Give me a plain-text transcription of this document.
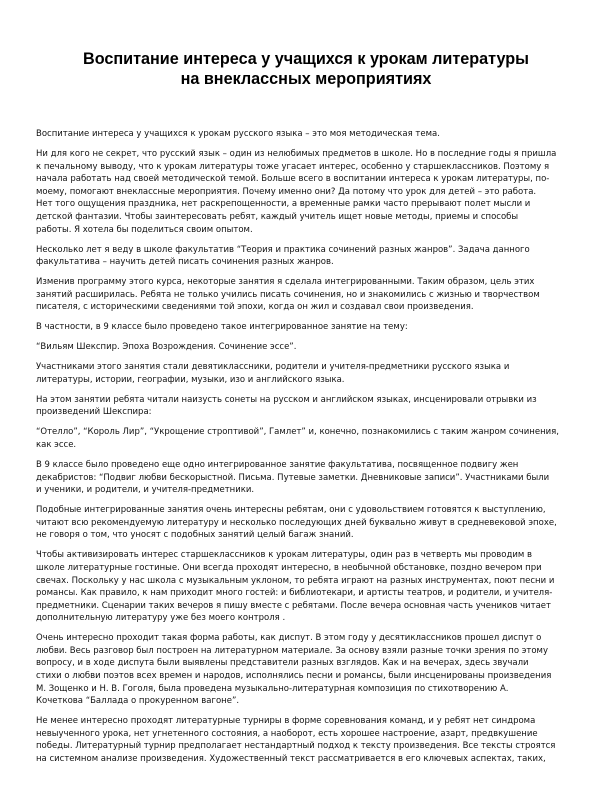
Воспитание интереса у учащихся к урокам литературы
на внеклассных мероприятиях

Воспитание интереса у учащихся к урокам русского языка – это моя методическая тема.

Ни для кого не секрет, что русский язык – один из нелюбимых предметов в школе. Но в последние годы я пришла
к печальному выводу, что к урокам литературы тоже угасает интерес, особенно у старшеклассников. Поэтому я
начала работать над своей методической темой. Больше всего в воспитании интереса к урокам литературы, по-
моему, помогают внеклассные мероприятия. Почему именно они? Да потому что урок для детей – это работа.
Нет того ощущения праздника, нет раскрепощенности, а временные рамки часто прерывают полет мысли и
детской фантазии. Чтобы заинтересовать ребят, каждый учитель ищет новые методы, приемы и способы
работы. Я хотела бы поделиться своим опытом.

Несколько лет я веду в школе факультатив “Теория и практика сочинений разных жанров”. Задача данного
факультатива – научить детей писать сочинения разных жанров.

Изменив программу этого курса, некоторые занятия я сделала интегрированными. Таким образом, цель этих
занятий расширилась. Ребята не только учились писать сочинения, но и знакомились с жизнью и творчеством
писателя, с историческими сведениями той эпохи, когда он жил и создавал свои произведения.

В частности, в 9 классе было проведено такое интегрированное занятие на тему:

“Вильям Шекспир. Эпоха Возрождения. Сочинение эссе”.

Участниками этого занятия стали девятиклассники, родители и учителя-предметники русского языка и
литературы, истории, географии, музыки, изо и английского языка.

На этом занятии ребята читали наизусть сонеты на русском и английском языках, инсценировали отрывки из
произведений Шекспира:

“Отелло”, “Король Лир”, “Укрощение строптивой”, Гамлет” и, конечно, познакомились с таким жанром сочинения,
как эссе.

В 9 классе было проведено еще одно интегрированное занятие факультатива, посвященное подвигу жен
декабристов: “Подвиг любви бескорыстной. Письма. Путевые заметки. Дневниковые записи”. Участниками были
и ученики, и родители, и учителя-предметники.

Подобные интегрированные занятия очень интересны ребятам, они с удовольствием готовятся к выступлению,
читают всю рекомендуемую литературу и несколько последующих дней буквально живут в средневековой эпохе,
не говоря о том, что уносят с подобных занятий целый багаж знаний.

Чтобы активизировать интерес старшеклассников к урокам литературы, один раз в четверть мы проводим в
школе литературные гостиные. Они всегда проходят интересно, в необычной обстановке, поздно вечером при
свечах. Поскольку у нас школа с музыкальным уклоном, то ребята играют на разных инструментах, поют песни и
романсы. Как правило, к нам приходит много гостей: и библиотекари, и артисты театров, и родители, и учителя-
предметники. Сценарии таких вечеров я пишу вместе с ребятами. После вечера основная часть учеников читает
дополнительную литературу уже без моего контроля .

Очень интересно проходит такая форма работы, как диспут. В этом году у десятиклассников прошел диспут о
любви. Весь разговор был построен на литературном материале. За основу взяли разные точки зрения по этому
вопросу, и в ходе диспута были выявлены представители разных взглядов. Как и на вечерах, здесь звучали
стихи о любви поэтов всех времен и народов, исполнялись песни и романсы, были инсценированы произведения
М. Зощенко и Н. В. Гоголя, была проведена музыкально-литературная композиция по стихотворению А.
Кочеткова “Баллада о прокуренном вагоне”.

Не менее интересно проходят литературные турниры в форме соревнования команд, и у ребят нет синдрома
невыученного урока, нет угнетенного состояния, а наоборот, есть хорошее настроение, азарт, предвкушение
победы. Литературный турнир предполагает нестандартный подход к тексту произведения. Все тексты строятся
на системном анализе произведения. Художественный текст рассматривается в его ключевых аспектах, таких,
